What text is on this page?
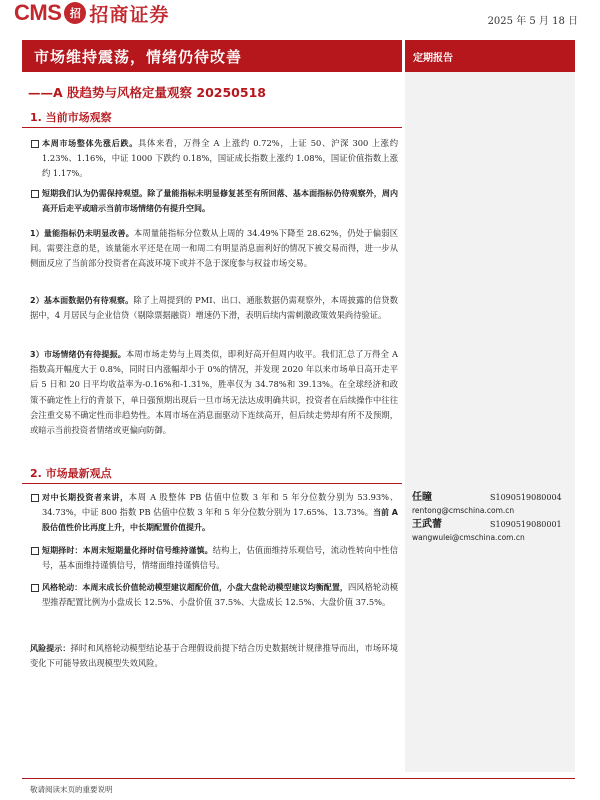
CMS 招 招商证券	2025 年 5 月 18 日
市场维持震荡，情绪仍待改善	定期报告
——A 股趋势与风格定量观察 20250518
1. 当前市场观察
本周市场整体先涨后跌。具体来看，万得全 A 上涨约 0.72%，上证 50、沪深 300 上涨约 1.23%、1.16%，中证 1000 下跌约 0.18%，国证成长指数上涨约 1.08%，国证价值指数上涨约 1.17%。
短期我们认为仍需保持观望。除了量能指标未明显修复甚至有所回落、基本面指标仍待观察外，周内高开后走平或暗示当前市场情绪仍有提升空间。
1）量能指标仍未明显改善。本周量能指标分位数从上周的 34.49%下降至 28.62%，仍处于偏弱区间。需要注意的是，该量能水平还是在周一和周二有明显消息面利好的情况下被交易而得，进一步从侧面反应了当前部分投资者在高波环境下或并不急于深度参与权益市场交易。
2）基本面数据仍有待观察。除了上周提到的 PMI、出口、通胀数据仍需观察外，本周披露的信贷数据中，4 月居民与企业信贷（剔除票据融资）增速仍下滑，表明后续内需刺激政策效果尚待验证。
3）市场情绪仍有待提振。本周市场走势与上周类似，即利好高开但周内收平。我们汇总了万得全 A 指数高开幅度大于 0.8%，同时日内涨幅却小于 0%的情况，并发现 2020 年以来市场单日高开走平后 5 日和 20 日平均收益率为-0.16%和-1.31%，胜率仅为 34.78%和 39.13%。在全球经济和政策不确定性上行的背景下，单日强预期出现后一旦市场无法达成明确共识，投资者在后续操作中往往会注重交易不确定性而非趋势性。本周市场在消息面驱动下连续高开，但后续走势却有所不及预期，或暗示当前投资者情绪或更偏向防御。
2. 市场最新观点
对中长期投资者来讲，本周 A 股整体 PB 估值中位数 3 年和 5 年分位数分别为 53.93%、34.73%，中证 800 指数 PB 估值中位数 3 年和 5 年分位数分别为 17.65%、13.73%。当前 A 股估值性价比再度上升，中长期配置价值提升。
短期择时：本周末短期量化择时信号维持谨慎。结构上，估值面维持乐观信号，流动性转向中性信号，基本面维持谨慎信号，情绪面维持谨慎信号。
风格轮动：本周末成长价值轮动模型建议超配价值，小盘大盘轮动模型建议均衡配置，四风格轮动模型推荐配置比例为小盘成长 12.5%、小盘价值 37.5%、大盘成长 12.5%、大盘价值 37.5%。
风险提示：择时和风格轮动模型结论基于合理假设前提下结合历史数据统计规律推导而出，市场环境变化下可能导致出现模型失效风险。
任瞳	S1090519080004
rentong@cmschina.com.cn
王武蕾	S1090519080001
wangwulei@cmschina.com.cn
敬请阅读末页的重要说明
